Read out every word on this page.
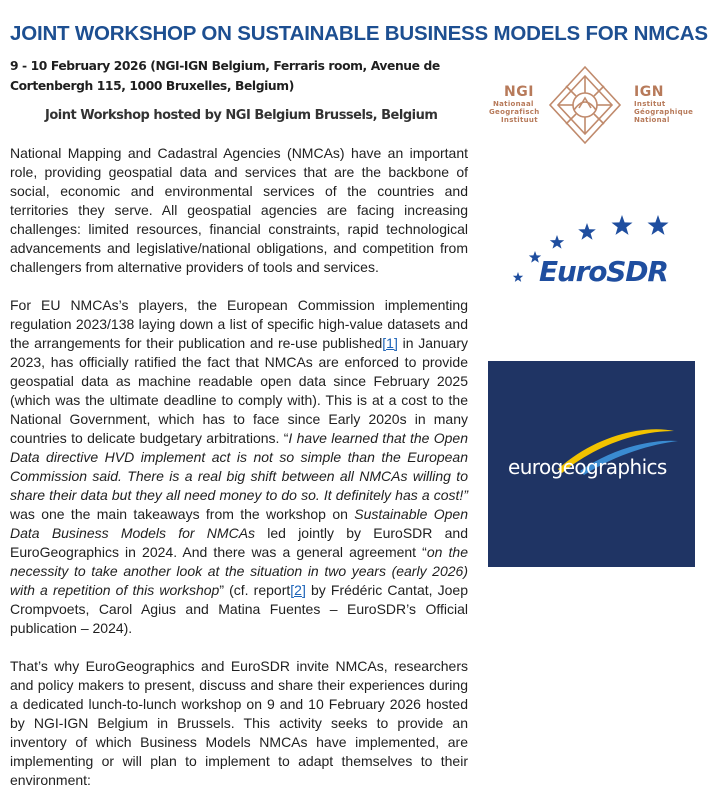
JOINT WORKSHOP ON SUSTAINABLE BUSINESS MODELS FOR NMCAS

9 - 10 February 2026 (NGI-IGN Belgium, Ferraris room, Avenue de
Cortenbergh 115, 1000 Bruxelles, Belgium)

Joint Workshop hosted by NGI Belgium Brussels, Belgium

NGI
Nationaal
Geografisch
Instituut
IGN
Institut
Géographique
National
EuroSDR
eurogeographics

National Mapping and Cadastral Agencies (NMCAs) have an important role, providing geospatial data and services that are the backbone of social, economic and environmental services of the countries and territories they serve. All geospatial agencies are facing increasing challenges: limited resources, financial constraints, rapid technological advancements and legislative/national obligations, and competition from challengers from alternative providers of tools and services.

For EU NMCAs’s players, the European Commission implementing regulation 2023/138 laying down a list of specific high-value datasets and the arrangements for their publication and re-use published[1] in January 2023, has officially ratified the fact that NMCAs are enforced to provide geospatial data as machine readable open data since February 2025 (which was the ultimate deadline to comply with). This is at a cost to the National Government, which has to face since Early 2020s in many countries to delicate budgetary arbitrations. “I have learned that the Open Data directive HVD implement act is not so simple than the European Commission said. There is a real big shift between all NMCAs willing to share their data but they all need money to do so. It definitely has a cost!” was one the main takeaways from the workshop on Sustainable Open Data Business Models for NMCAs led jointly by EuroSDR and EuroGeographics in 2024. And there was a general agreement “on the necessity to take another look at the situation in two years (early 2026) with a repetition of this workshop” (cf. report[2] by Frédéric Cantat, Joep Crompvoets, Carol Agius and Matina Fuentes – EuroSDR’s Official publication – 2024).

That’s why EuroGeographics and EuroSDR invite NMCAs, researchers and policy makers to present, discuss and share their experiences during a dedicated lunch-to-lunch workshop on 9 and 10 February 2026 hosted by NGI-IGN Belgium in Brussels. This activity seeks to provide an inventory of which Business Models NMCAs have implemented, are implementing or will plan to implement to adapt themselves to their environment:
